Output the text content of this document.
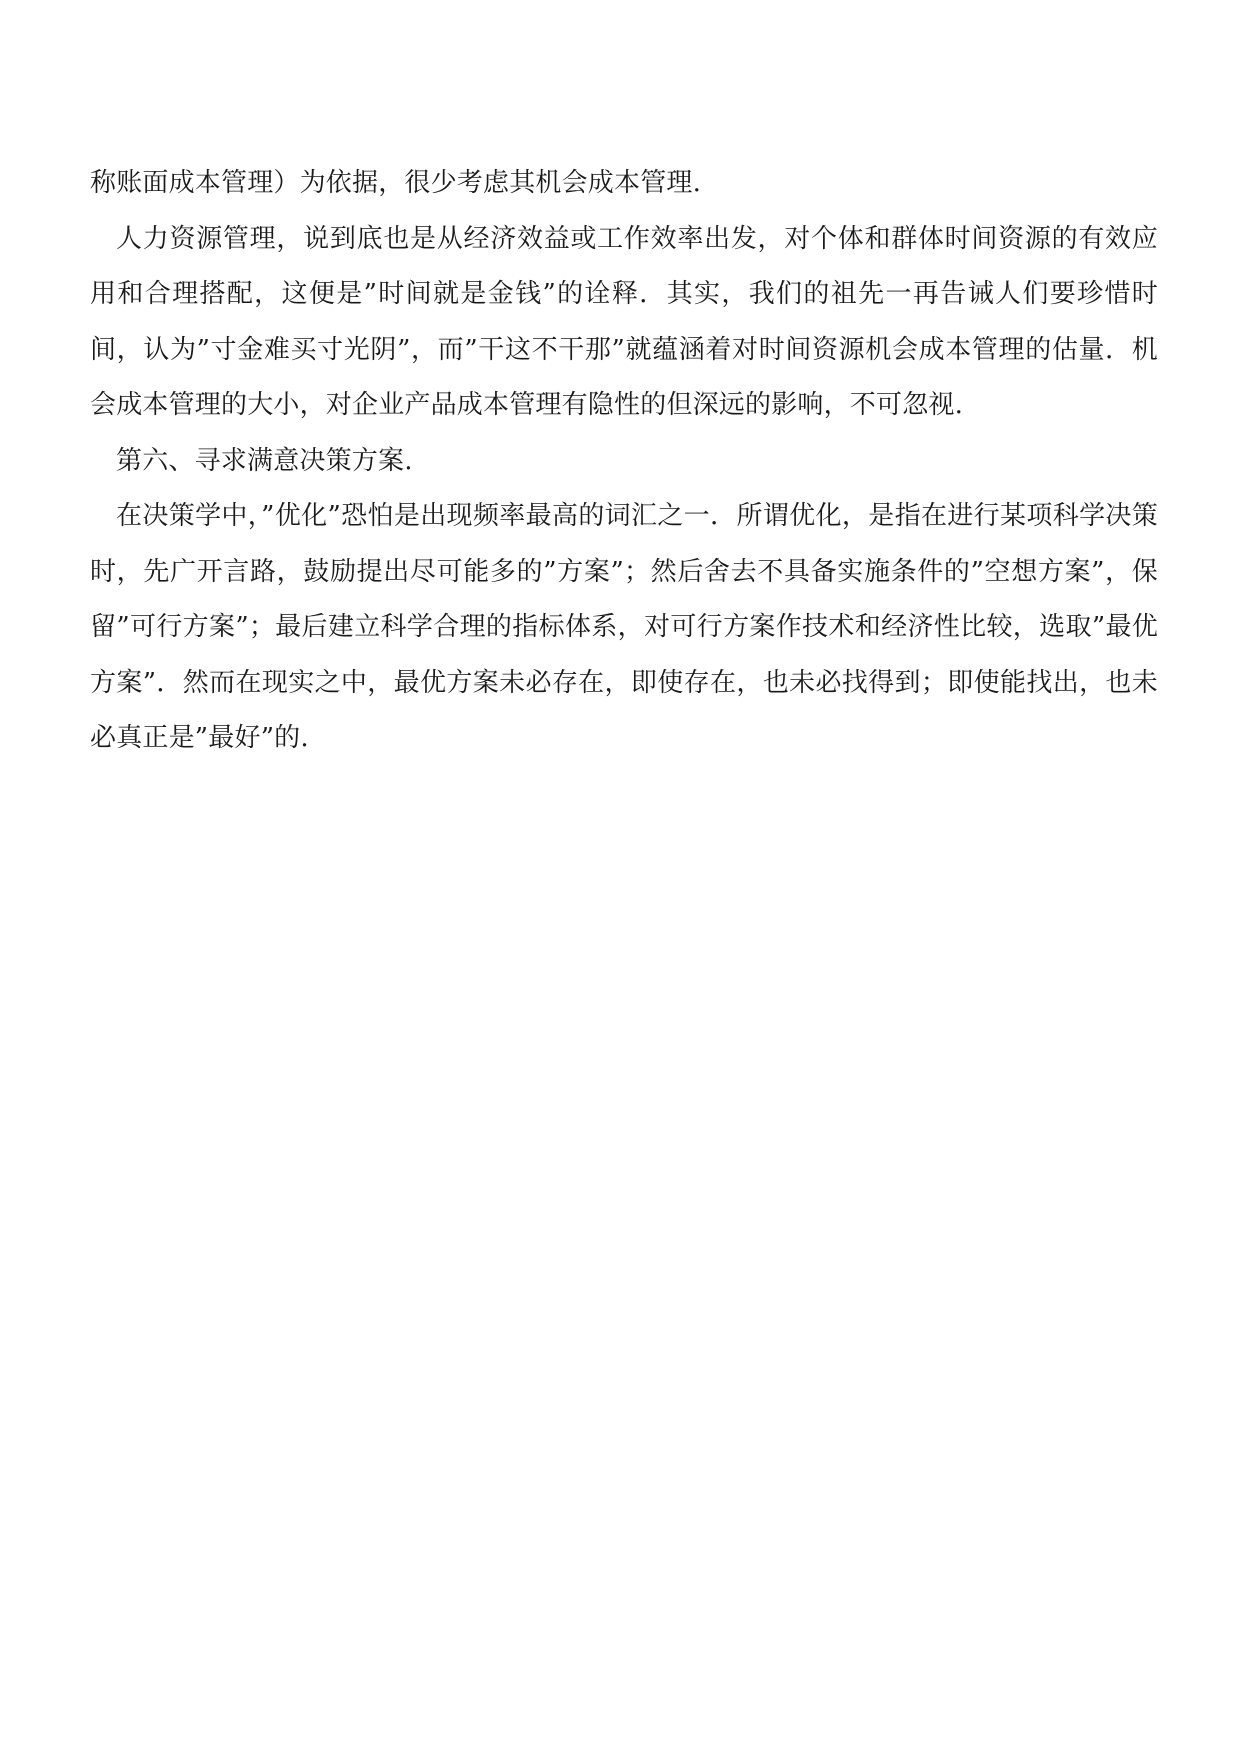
称账面成本管理）为依据，很少考虑其机会成本管理.

人力资源管理，说到底也是从经济效益或工作效率出发，对个体和群体时间资源的有效应用和合理搭配，这便是”时间就是金钱”的诠释．其实，我们的祖先一再告诫人们要珍惜时间，认为”寸金难买寸光阴”，而”干这不干那”就蕴涵着对时间资源机会成本管理的估量．机会成本管理的大小，对企业产品成本管理有隐性的但深远的影响，不可忽视.

第六、寻求满意决策方案.

在决策学中，”优化”恐怕是出现频率最高的词汇之一．所谓优化，是指在进行某项科学决策时，先广开言路，鼓励提出尽可能多的”方案”；然后舍去不具备实施条件的”空想方案”，保留”可行方案”；最后建立科学合理的指标体系，对可行方案作技术和经济性比较，选取”最优方案”．然而在现实之中，最优方案未必存在，即使存在，也未必找得到；即使能找出，也未必真正是”最好”的.
